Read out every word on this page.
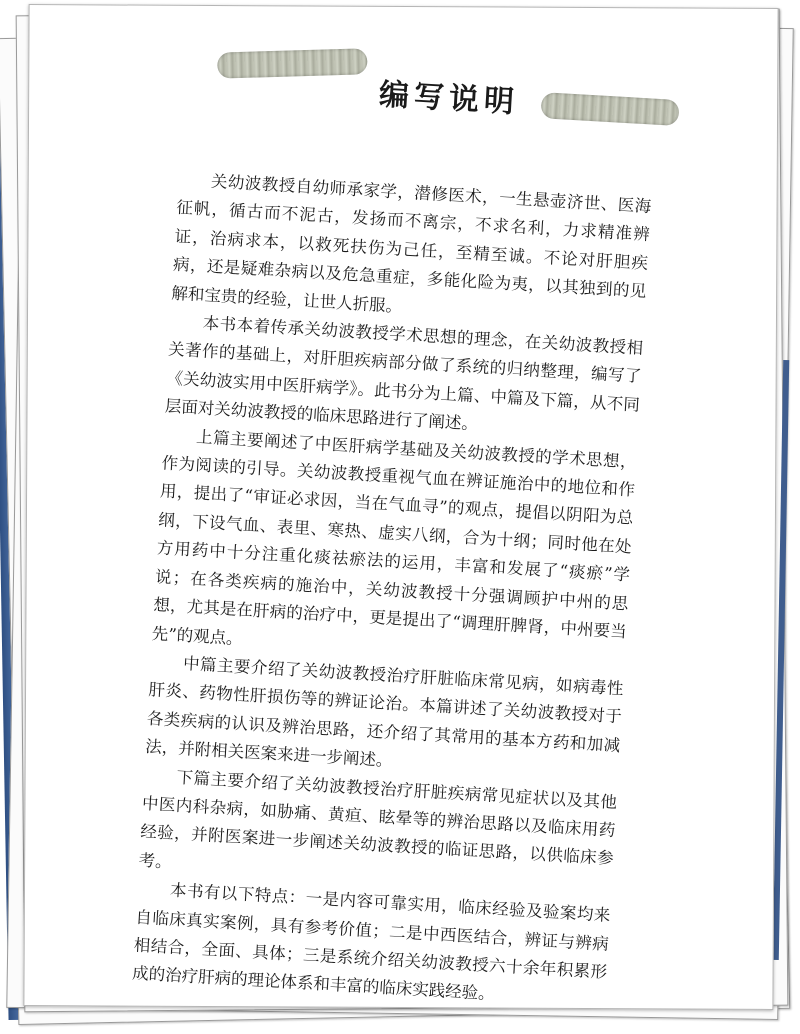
编写说明

关幼波教授自幼师承家学，潜修医术，一生悬壶济世、医海征帆，循古而不泥古，发扬而不离宗，不求名利，力求精准辨证，治病求本，以救死扶伤为己任，至精至诚。不论对肝胆疾病，还是疑难杂病以及危急重症，多能化险为夷，以其独到的见解和宝贵的经验，让世人折服。

本书本着传承关幼波教授学术思想的理念，在关幼波教授相关著作的基础上，对肝胆疾病部分做了系统的归纳整理，编写了《关幼波实用中医肝病学》。此书分为上篇、中篇及下篇，从不同层面对关幼波教授的临床思路进行了阐述。

上篇主要阐述了中医肝病学基础及关幼波教授的学术思想，作为阅读的引导。关幼波教授重视气血在辨证施治中的地位和作用，提出了“审证必求因，当在气血寻”的观点，提倡以阴阳为总纲，下设气血、表里、寒热、虚实八纲，合为十纲；同时他在处方用药中十分注重化痰祛瘀法的运用，丰富和发展了“痰瘀”学说；在各类疾病的施治中，关幼波教授十分强调顾护中州的思想，尤其是在肝病的治疗中，更是提出了“调理肝脾肾，中州要当先”的观点。

中篇主要介绍了关幼波教授治疗肝脏临床常见病，如病毒性肝炎、药物性肝损伤等的辨证论治。本篇讲述了关幼波教授对于各类疾病的认识及辨治思路，还介绍了其常用的基本方药和加减法，并附相关医案来进一步阐述。

下篇主要介绍了关幼波教授治疗肝脏疾病常见症状以及其他中医内科杂病，如胁痛、黄疸、眩晕等的辨治思路以及临床用药经验，并附医案进一步阐述关幼波教授的临证思路，以供临床参考。

本书有以下特点：一是内容可靠实用，临床经验及验案均来自临床真实案例，具有参考价值；二是中西医结合，辨证与辨病相结合，全面、具体；三是系统介绍关幼波教授六十余年积累形成的治疗肝病的理论体系和丰富的临床实践经验。
